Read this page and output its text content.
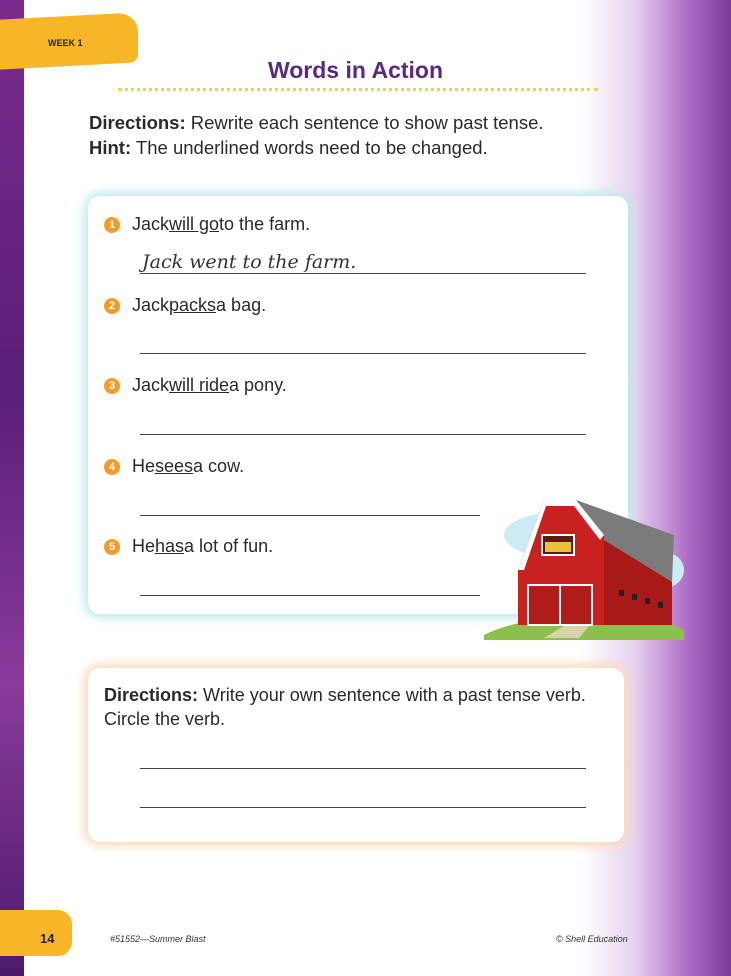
WEEK 1
Words in Action
Directions: Rewrite each sentence to show past tense.
Hint: The underlined words need to be changed.
1 Jack will go to the farm.
Jack went to the farm.
2 Jack packs a bag.
3 Jack will ride a pony.
4 He sees a cow.
5 He has a lot of fun.
Directions: Write your own sentence with a past tense verb. Circle the verb.
14	#51552—Summer Blast	© Shell Education
